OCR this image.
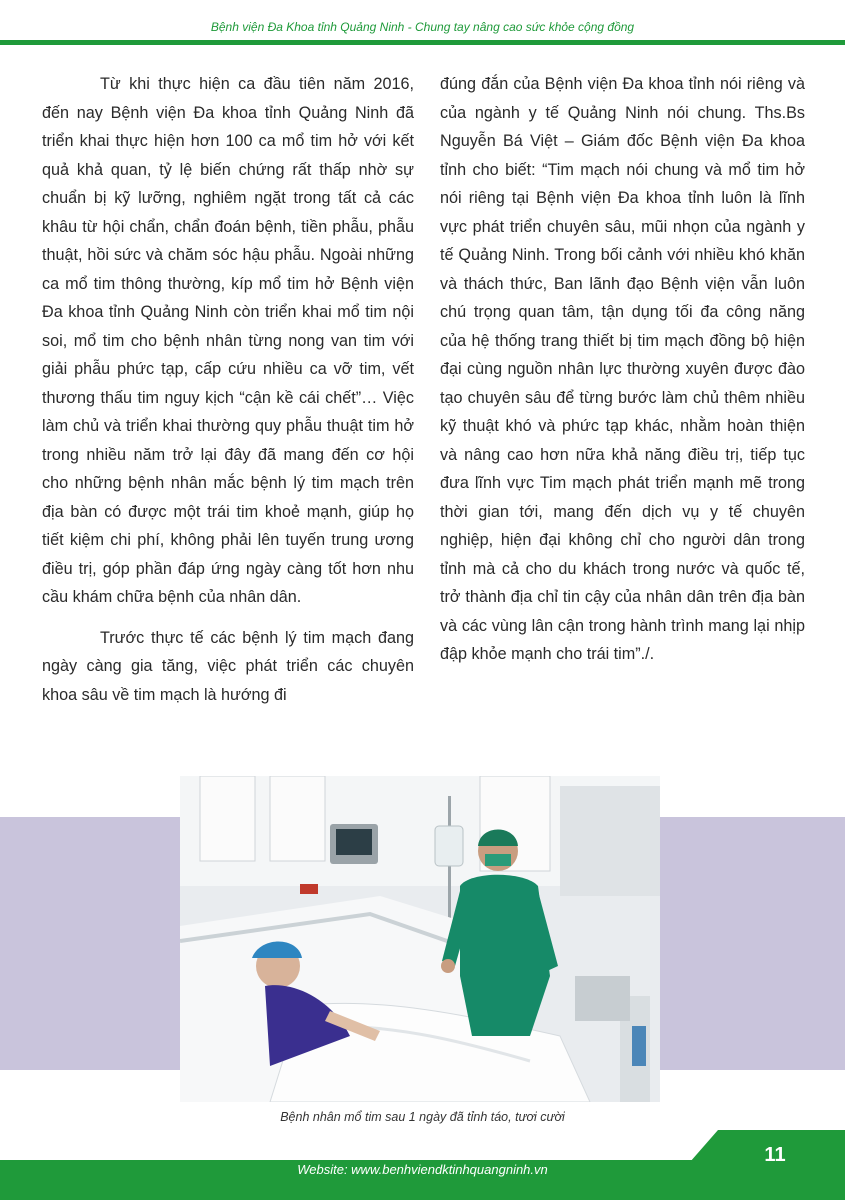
Bệnh viện Đa Khoa tỉnh Quảng Ninh - Chung tay nâng cao sức khỏe cộng đồng

Từ khi thực hiện ca đầu tiên năm 2016, đến nay Bệnh viện Đa khoa tỉnh Quảng Ninh đã triển khai thực hiện hơn 100 ca mổ tim hở với kết quả khả quan, tỷ lệ biến chứng rất thấp nhờ sự chuẩn bị kỹ lưỡng, nghiêm ngặt trong tất cả các khâu từ hội chẩn, chẩn đoán bệnh, tiền phẫu, phẫu thuật, hồi sức và chăm sóc hậu phẫu. Ngoài những ca mổ tim thông thường, kíp mổ tim hở Bệnh viện Đa khoa tỉnh Quảng Ninh còn triển khai mổ tim nội soi, mổ tim cho bệnh nhân từng nong van tim với giải phẫu phức tạp, cấp cứu nhiều ca vỡ tim, vết thương thấu tim nguy kịch “cận kề cái chết”… Việc làm chủ và triển khai thường quy phẫu thuật tim hở trong nhiều năm trở lại đây đã mang đến cơ hội cho những bệnh nhân mắc bệnh lý tim mạch trên địa bàn có được một trái tim khoẻ mạnh, giúp họ tiết kiệm chi phí, không phải lên tuyến trung ương điều trị, góp phần đáp ứng ngày càng tốt hơn nhu cầu khám chữa bệnh của nhân dân.

Trước thực tế các bệnh lý tim mạch đang ngày càng gia tăng, việc phát triển các chuyên khoa sâu về tim mạch là hướng đi

đúng đắn của Bệnh viện Đa khoa tỉnh nói riêng và của ngành y tế Quảng Ninh nói chung. Ths.Bs Nguyễn Bá Việt – Giám đốc Bệnh viện Đa khoa tỉnh cho biết: “Tim mạch nói chung và mổ tim hở nói riêng tại Bệnh viện Đa khoa tỉnh luôn là lĩnh vực phát triển chuyên sâu, mũi nhọn của ngành y tế Quảng Ninh. Trong bối cảnh với nhiều khó khăn và thách thức, Ban lãnh đạo Bệnh viện vẫn luôn chú trọng quan tâm, tận dụng tối đa công năng của hệ thống trang thiết bị tim mạch đồng bộ hiện đại cùng nguồn nhân lực thường xuyên được đào tạo chuyên sâu để từng bước làm chủ thêm nhiều kỹ thuật khó và phức tạp khác, nhằm hoàn thiện và nâng cao hơn nữa khả năng điều trị, tiếp tục đưa lĩnh vực Tim mạch phát triển mạnh mẽ trong thời gian tới, mang đến dịch vụ y tế chuyên nghiệp, hiện đại không chỉ cho người dân trong tỉnh mà cả cho du khách trong nước và quốc tế, trở thành địa chỉ tin cậy của nhân dân trên địa bàn và các vùng lân cận trong hành trình mang lại nhịp đập khỏe mạnh cho trái tim”./.

Bệnh nhân mổ tim sau 1 ngày đã tỉnh táo, tươi cười
11
Website: www.benhviendktinhquangninh.vn
